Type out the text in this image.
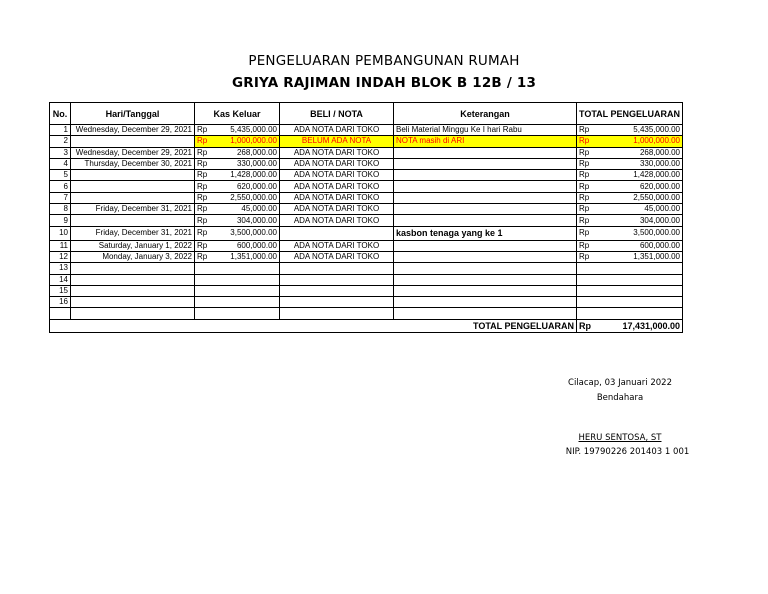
PENGELUARAN PEMBANGUNAN RUMAH
GRIYA RAJIMAN INDAH BLOK B 12B / 13
No.	Hari/Tanggal	Kas Keluar		BELI / NOTA	Keterangan	TOTAL PENGELUARAN	
1	Wednesday, December 29, 2021	Rp	5,435,000.00	ADA NOTA DARI TOKO	Beli Material Minggu Ke I hari Rabu	Rp	5,435,000.00
2		Rp	1,000,000.00	BELUM ADA NOTA	NOTA masih di ARI	Rp	1,000,000.00
3	Wednesday, December 29, 2021	Rp	268,000.00	ADA NOTA DARI TOKO		Rp	268,000.00
4	Thursday, December 30, 2021	Rp	330,000.00	ADA NOTA DARI TOKO		Rp	330,000.00
5		Rp	1,428,000.00	ADA NOTA DARI TOKO		Rp	1,428,000.00
6		Rp	620,000.00	ADA NOTA DARI TOKO		Rp	620,000.00
7		Rp	2,550,000.00	ADA NOTA DARI TOKO		Rp	2,550,000.00
8	Friday, December 31, 2021	Rp	45,000.00	ADA NOTA DARI TOKO		Rp	45,000.00
9		Rp	304,000.00	ADA NOTA DARI TOKO		Rp	304,000.00
10	Friday, December 31, 2021	Rp	3,500,000.00		kasbon tenaga yang ke 1	Rp	3,500,000.00
11	Saturday, January 1, 2022	Rp	600,000.00	ADA NOTA DARI TOKO		Rp	600,000.00
12	Monday, January 3, 2022	Rp	1,351,000.00	ADA NOTA DARI TOKO		Rp	1,351,000.00
13							
14							
15							
16							

					TOTAL PENGELUARAN	Rp	17,431,000.00
Cilacap, 03 Januari 2022
Bendahara
HERU SENTOSA, ST
NIP. 19790226 201403 1 001
